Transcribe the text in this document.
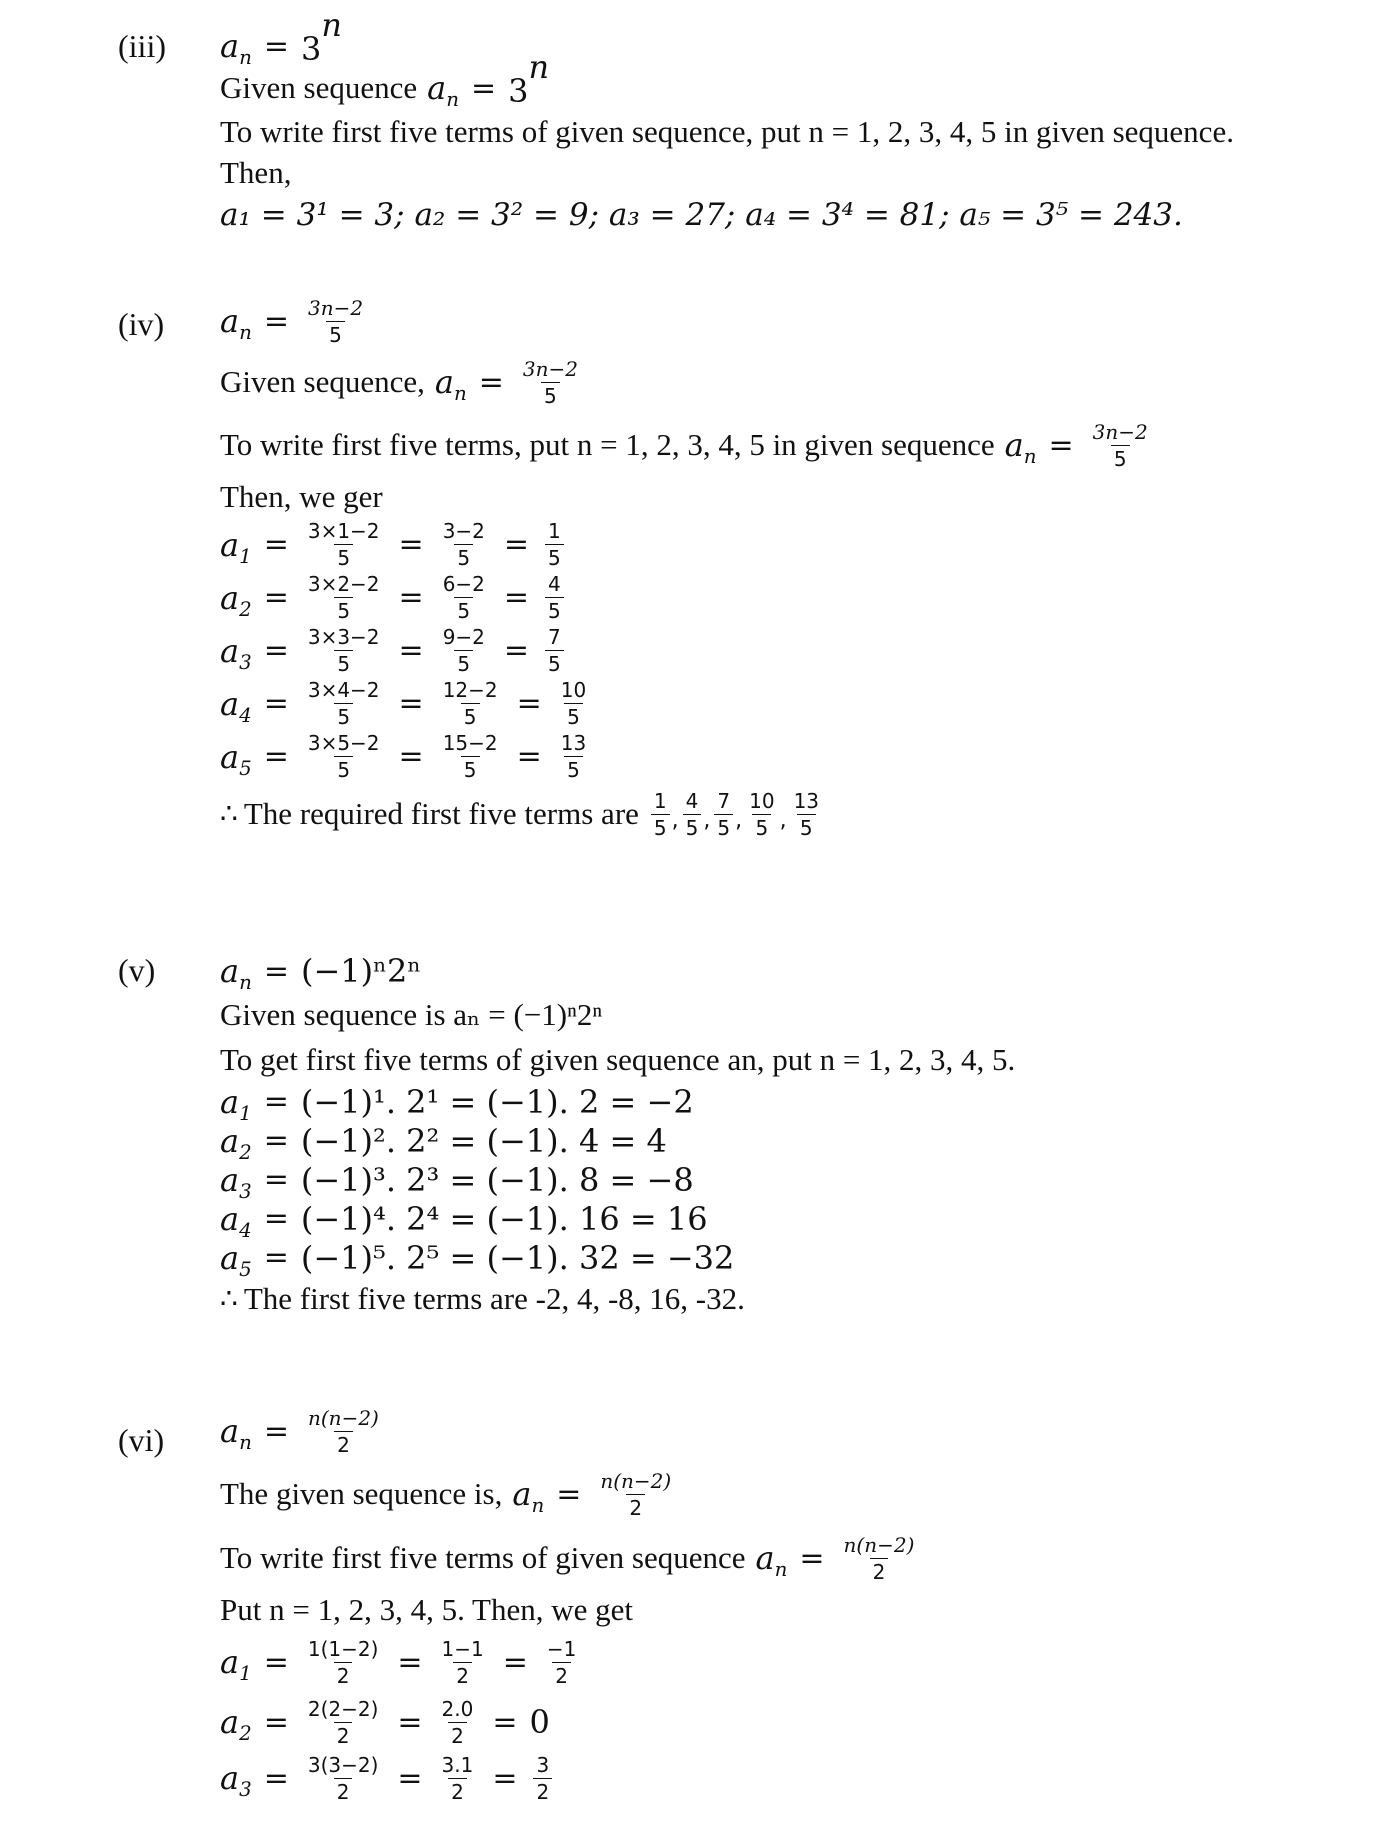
(iii) $a_n = 3^n$
Given sequence $a_n = 3^n$
To write first five terms of given sequence, put n = 1, 2, 3, 4, 5 in given sequence.
Then,
a₁ = 3¹ = 3; a₂ = 3² = 9; a₃ = 27; a₄ = 3⁴ = 81; a₅ = 3⁵ = 243.
(iv) $a_n = \frac{3n-2}{5}$
Given sequence, $a_n = \frac{3n-2}{5}$
To write first five terms, put n = 1, 2, 3, 4, 5 in given sequence $a_n = \frac{3n-2}{5}$
Then, we ger
$a_1 = \frac{3\times 1-2}{5} = \frac{3-2}{5} = \frac{1}{5}$
$a_2 = \frac{3\times 2-2}{5} = \frac{6-2}{5} = \frac{4}{5}$
$a_3 = \frac{3\times 3-2}{5} = \frac{9-2}{5} = \frac{7}{5}$
$a_4 = \frac{3\times 4-2}{5} = \frac{12-2}{5} = \frac{10}{5}$
$a_5 = \frac{3\times 5-2}{5} = \frac{15-2}{5} = \frac{13}{5}$
∴ The required first five terms are $\frac{1}{5}$ , $\frac{4}{5}$ , $\frac{7}{5}$ , $\frac{10}{5}$ , $\frac{13}{5}$
(v) $a_n = (-1)^n2^n$
Given sequence is aₙ = (−1)ⁿ2ⁿ
To get first five terms of given sequence an, put n = 1, 2, 3, 4, 5.
$a_1 = (-1)^1$. 2¹ = (−1). 2 = −2
$a_2 = (-1)^2$. 2² = (−1). 4 = 4
$a_3 = (-1)^3$. 2³ = (−1). 8 = −8
$a_4 = (-1)^4$. 2⁴ = (−1). 16 = 16
$a_5 = (-1)^5$. 2⁵ = (−1). 32 = −32
∴ The first five terms are -2, 4, -8, 16, -32.
(vi) $a_n = \frac{n(n-2)}{2}$
The given sequence is, $a_n = \frac{n(n-2)}{2}$
To write first five terms of given sequence $a_n = \frac{n(n-2)}{2}$
Put n = 1, 2, 3, 4, 5. Then, we get
$a_1 = \frac{1(1-2)}{2} = \frac{1-1}{2} = \frac{-1}{2}$
$a_2 = \frac{2(2-2)}{2} = \frac{2.0}{2} = 0$
$a_3 = \frac{3(3-2)}{2} = \frac{3.1}{2} = \frac{3}{2}$
